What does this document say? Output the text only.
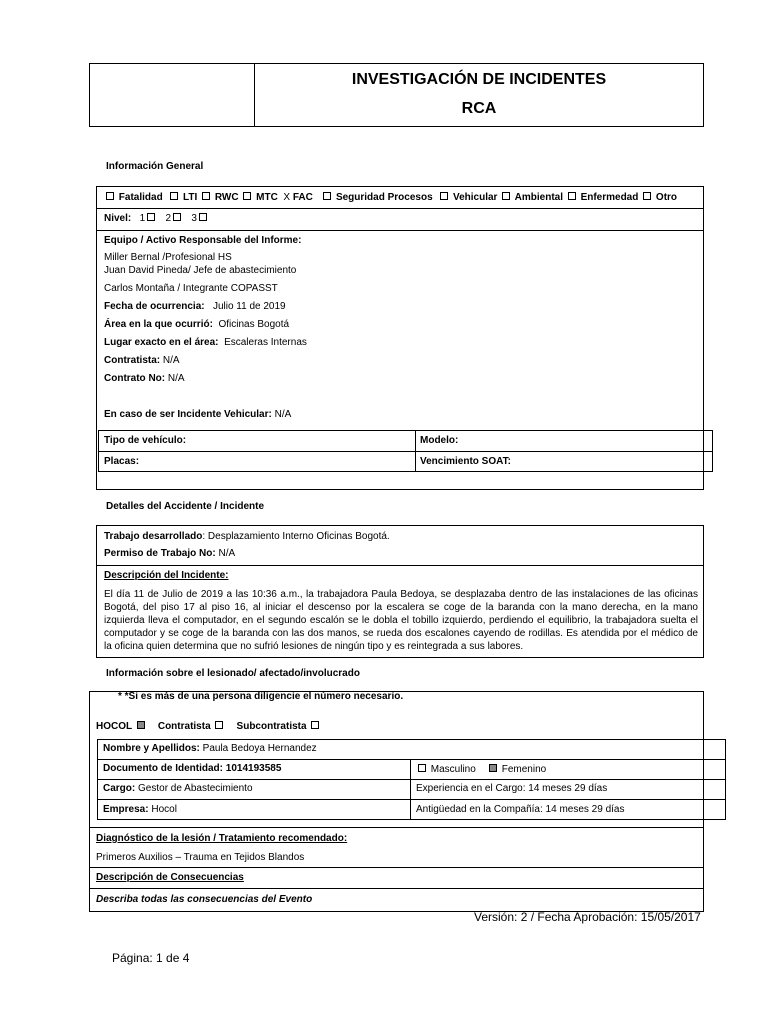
INVESTIGACIÓN DE INCIDENTES
RCA
Información General
Fatalidad LTI RWC MTC X FAC Seguridad Procesos Vehicular Ambiental Enfermedad Otro
Nivel: 1 2 3
Equipo / Activo Responsable del Informe:
Miller Bernal /Profesional HS
Juan David Pineda/ Jefe de abastecimiento
Carlos Montaña / Integrante COPASST
Fecha de ocurrencia: Julio 11 de 2019
Área en la que ocurrió: Oficinas Bogotá
Lugar exacto en el área: Escaleras Internas
Contratista: N/A
Contrato No: N/A
En caso de ser Incidente Vehicular: N/A
Tipo de vehículo:	Modelo:
Placas:	Vencimiento SOAT:
Detalles del Accidente / Incidente
Trabajo desarrollado: Desplazamiento Interno Oficinas Bogotá.
Permiso de Trabajo No: N/A
Descripción del Incidente:
El día 11 de Julio de 2019 a las 10:36 a.m., la trabajadora Paula Bedoya, se desplazaba dentro de las instalaciones de las oficinas Bogotá, del piso 17 al piso 16, al iniciar el descenso por la escalera se coge de la baranda con la mano derecha, en la mano izquierda lleva el computador, en el segundo escalón se le dobla el tobillo izquierdo, perdiendo el equilibrio, la trabajadora suelta el computador y se coge de la baranda con las dos manos, se rueda dos escalones cayendo de rodillas. Es atendida por el médico de la oficina quien determina que no sufrió lesiones de ningún tipo y es reintegrada a sus labores.
Información sobre el lesionado/ afectado/involucrado
* *Si es más de una persona diligencie el número necesario.
HOCOL	Contratista	Subcontratista
Nombre y Apellidos: Paula Bedoya Hernandez
Documento de Identidad: 1014193585	Masculino	Femenino
Cargo: Gestor de Abastecimiento	Experiencia en el Cargo: 14 meses 29 días
Empresa: Hocol	Antigüedad en la Compañía: 14 meses 29 días
Diagnóstico de la lesión / Tratamiento recomendado:
Primeros Auxilios – Trauma en Tejidos Blandos
Descripción de Consecuencias
Describa todas las consecuencias del Evento
Versión: 2 / Fecha Aprobación: 15/05/2017
Página: 1 de 4
